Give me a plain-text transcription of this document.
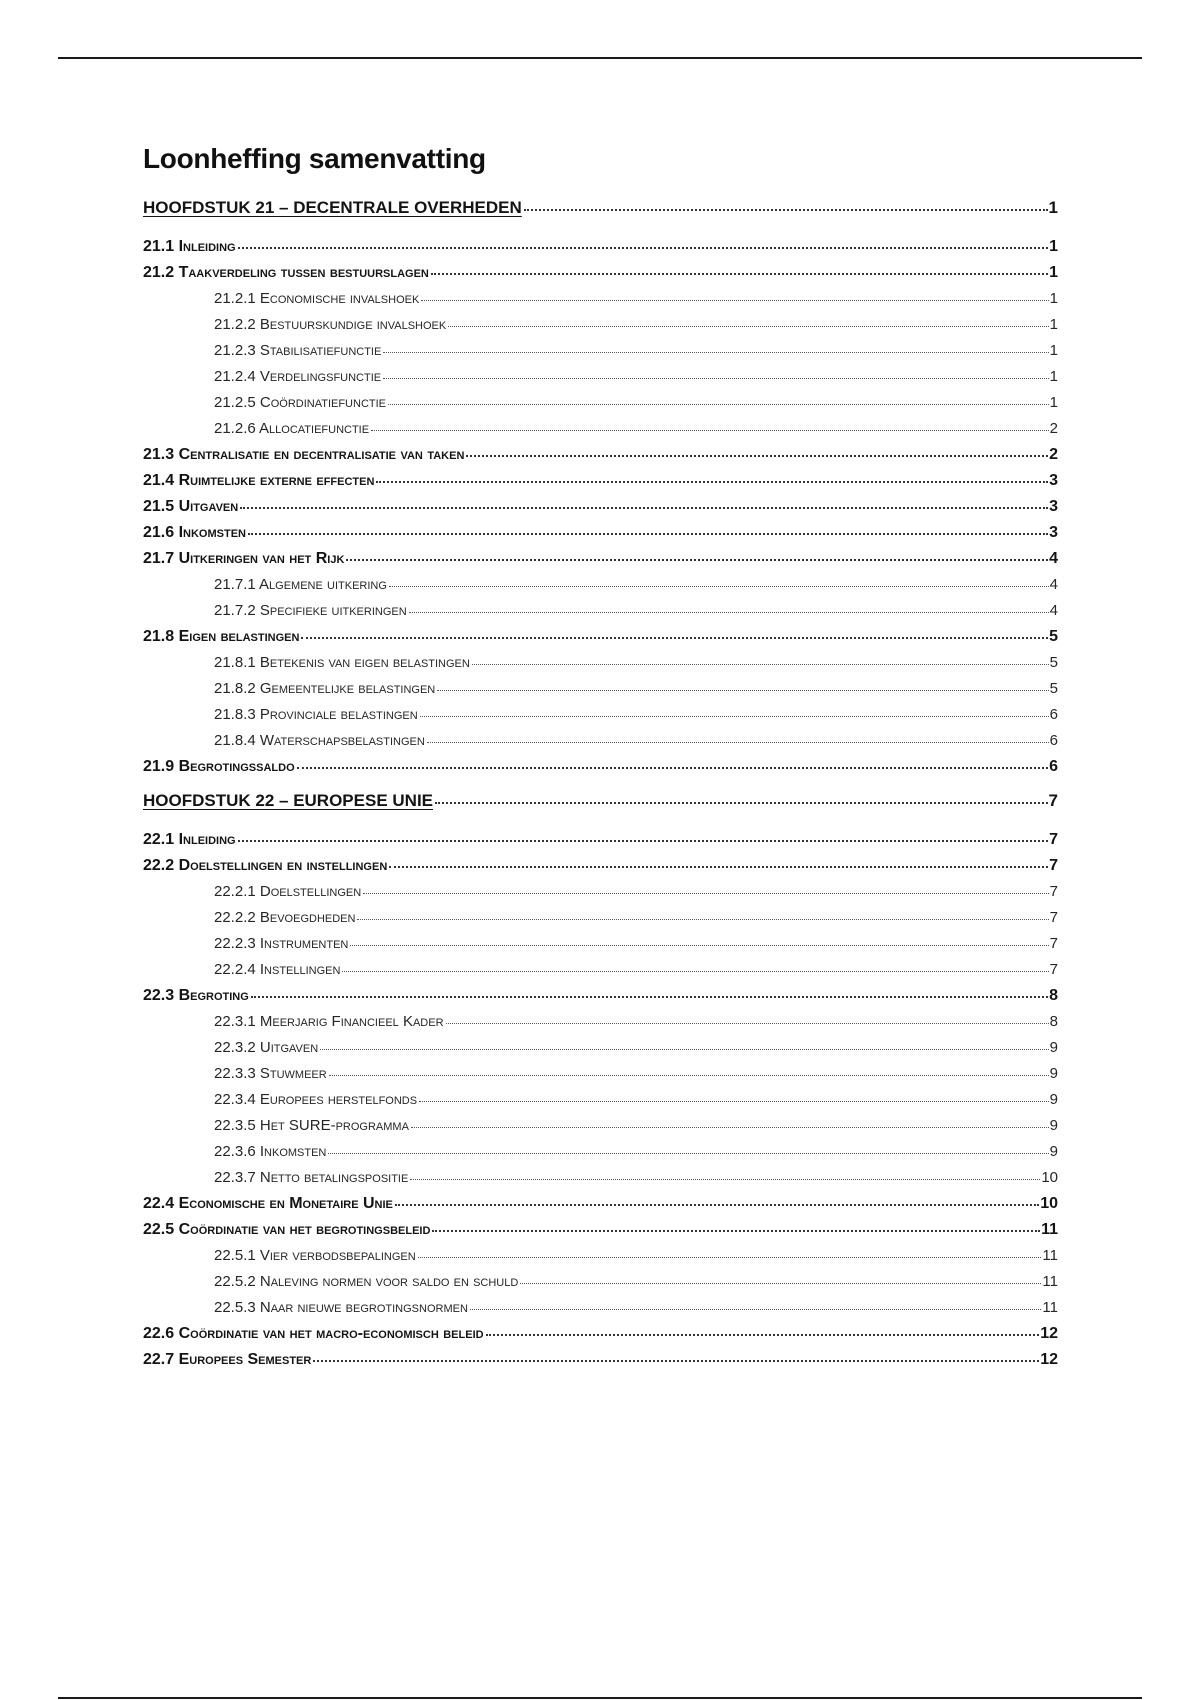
Loonheffing samenvatting
HOOFDSTUK 21 – DECENTRALE OVERHEDEN	1
21.1 Inleiding	1
21.2 Taakverdeling tussen bestuurslagen	1
21.2.1 Economische invalshoek	1
21.2.2 Bestuurskundige invalshoek	1
21.2.3 Stabilisatiefunctie	1
21.2.4 Verdelingsfunctie	1
21.2.5 Coördinatiefunctie	1
21.2.6 Allocatiefunctie	2
21.3 Centralisatie en decentralisatie van taken	2
21.4 Ruimtelijke externe effecten	3
21.5 Uitgaven	3
21.6 Inkomsten	3
21.7 Uitkeringen van het Rijk	4
21.7.1 Algemene uitkering	4
21.7.2 Specifieke uitkeringen	4
21.8 Eigen belastingen	5
21.8.1 Betekenis van eigen belastingen	5
21.8.2 Gemeentelijke belastingen	5
21.8.3 Provinciale belastingen	6
21.8.4 Waterschapsbelastingen	6
21.9 Begrotingssaldo	6
HOOFDSTUK 22 – EUROPESE UNIE	7
22.1 Inleiding	7
22.2 Doelstellingen en instellingen	7
22.2.1 Doelstellingen	7
22.2.2 Bevoegdheden	7
22.2.3 Instrumenten	7
22.2.4 Instellingen	7
22.3 Begroting	8
22.3.1 Meerjarig Financieel Kader	8
22.3.2 Uitgaven	9
22.3.3 Stuwmeer	9
22.3.4 Europees herstelfonds	9
22.3.5 Het SURE-programma	9
22.3.6 Inkomsten	9
22.3.7 Netto betalingspositie	10
22.4 Economische en Monetaire Unie	10
22.5 Coördinatie van het begrotingsbeleid	11
22.5.1 Vier verbodsbepalingen	11
22.5.2 Naleving normen voor saldo en schuld	11
22.5.3 Naar nieuwe begrotingsnormen	11
22.6 Coördinatie van het macro-economisch beleid	12
22.7 Europees Semester	12
